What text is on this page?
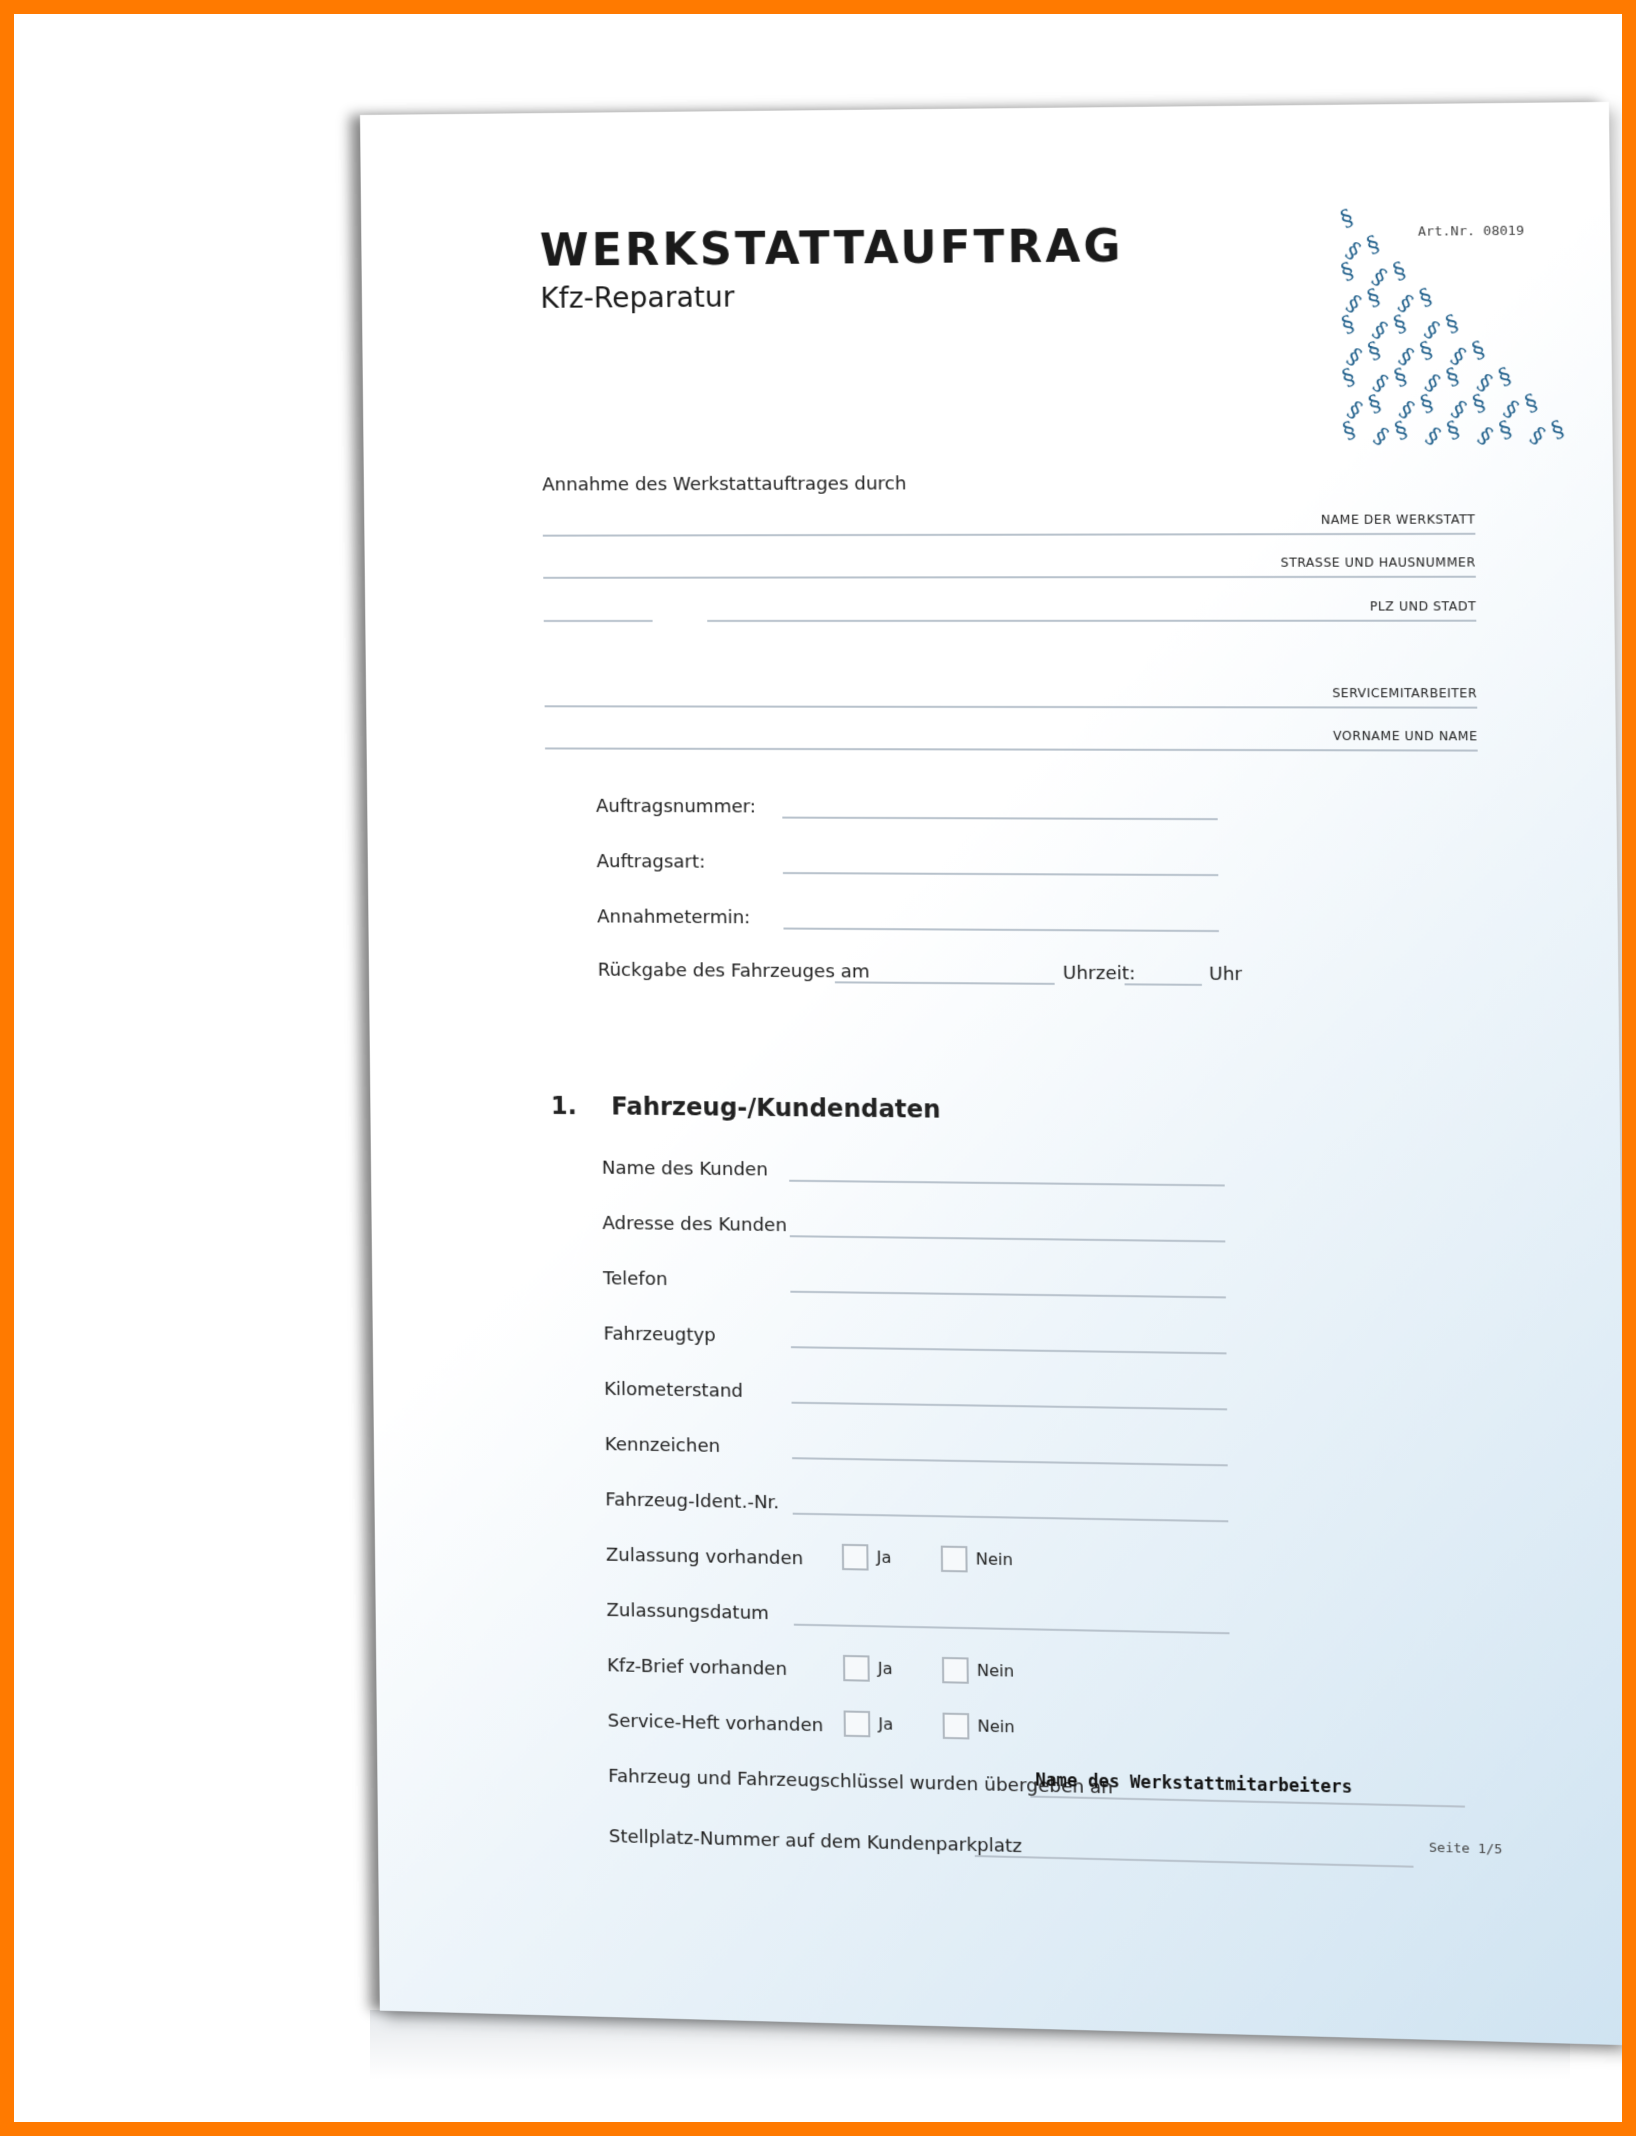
WERKSTATTAUFTRAG
Kfz-Reparatur
Art.Nr. 08019
§
§
§
§ §
§
§
§ §
§
§ §
§ §
§
§
§ §
§ §
§
§ §
§ §
§ §
§
§
§ §
§ §
§ §
§
§ §
§ §
§ §
§ §
§
Annahme des Werkstattauftrages durch
NAME DER WERKSTATT
STRASSE UND HAUSNUMMER
PLZ UND STADT
SERVICEMITARBEITER
VORNAME UND NAME
Auftragsnummer:
Auftragsart:
Annahmetermin:
Rückgabe des Fahrzeuges am	Uhrzeit:	Uhr
1. Fahrzeug-/Kundendaten
Name des Kunden
Adresse des Kunden
Telefon
Fahrzeugtyp
Kilometerstand
Kennzeichen
Fahrzeug-Ident.-Nr.
Zulassung vorhanden	Ja	Nein
Zulassungsdatum
Kfz-Brief vorhanden	Ja	Nein
Service-Heft vorhanden	Ja	Nein
Fahrzeug und Fahrzeugschlüssel wurden übergeben an
Name des Werkstattmitarbeiters
Stellplatz-Nummer auf dem Kundenparkplatz	Seite 1/5
